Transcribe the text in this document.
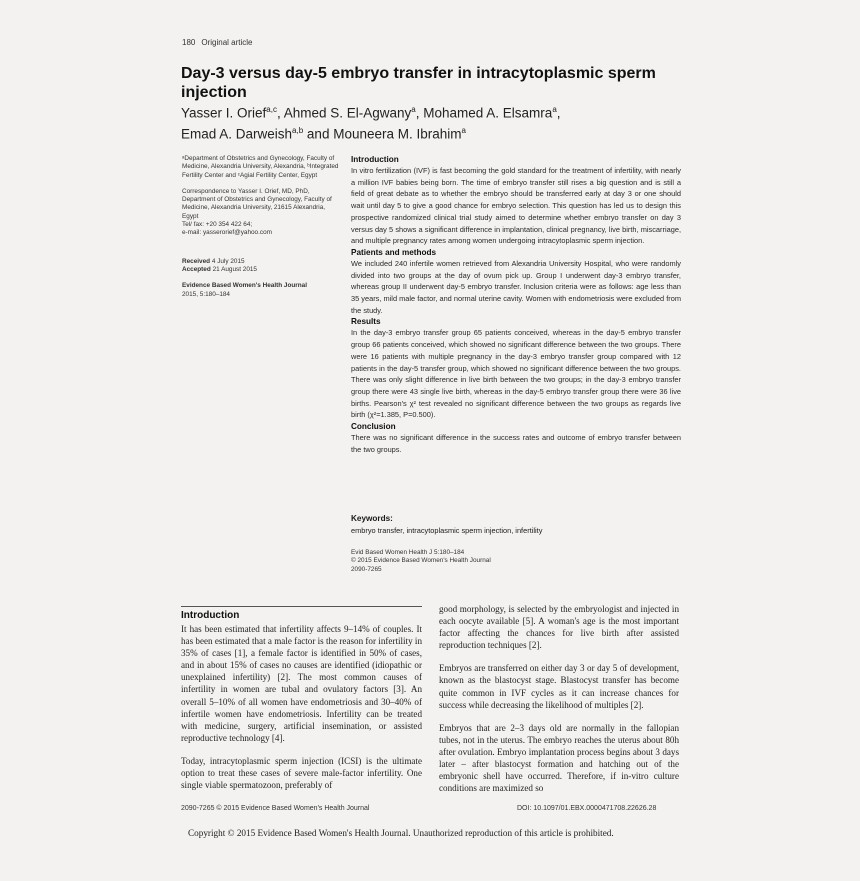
180 Original article
Day-3 versus day-5 embryo transfer in intracytoplasmic sperm injection
Yasser I. Orief$^{a,c}$, Ahmed S. El-Agwany$^a$, Mohamed A. Elsamra$^a$,
Emad A. Darweish$^{a,b}$ and Mouneera M. Ibrahim$^a$

ᵃDepartment of Obstetrics and Gynecology, Faculty of Medicine, Alexandria University, Alexandria, ᵇIntegrated Fertility Center and ᶜAgial Fertility Center, Egypt

Correspondence to Yasser I. Orief, MD, PhD, Department of Obstetrics and Gynecology, Faculty of Medicine, Alexandria University, 21615 Alexandria, Egypt
Tel/ fax: +20 354 422 64;
e-mail: yasserorief@yahoo.com

Received 4 July 2015
Accepted 21 August 2015

Evidence Based Women's Health Journal
2015, 5:180–184

Introduction

In vitro fertilization (IVF) is fast becoming the gold standard for the treatment of infertility, with nearly a million IVF babies being born. The time of embryo transfer still rises a big question and is still a field of great debate as to whether the embryo should be transferred early at day 3 or one should wait until day 5 to give a good chance for embryo selection. This question has led us to design this prospective randomized clinical trial study aimed to determine whether embryo transfer on day 3 versus day 5 shows a significant difference in implantation, clinical pregnancy, live birth, miscarriage, and multiple pregnancy rates among women undergoing intracytoplasmic sperm injection.

Patients and methods

We included 240 infertile women retrieved from Alexandria University Hospital, who were randomly divided into two groups at the day of ovum pick up. Group I underwent day-3 embryo transfer, whereas group II underwent day-5 embryo transfer. Inclusion criteria were as follows: age less than 35 years, mild male factor, and normal uterine cavity. Women with endometriosis were excluded from the study.

Results

In the day-3 embryo transfer group 65 patients conceived, whereas in the day-5 embryo transfer group 66 patients conceived, which showed no significant difference between the two groups. There were 16 patients with multiple pregnancy in the day-3 embryo transfer group compared with 12 patients in the day-5 transfer group, which showed no significant difference between the two groups. There was only slight difference in live birth between the two groups; in the day-3 embryo transfer group there were 43 single live birth, whereas in the day-5 embryo transfer group there were 36 live births. Pearson's χ² test revealed no significant difference between the two groups as regards live birth (χ²=1.385, P=0.500).

Conclusion

There was no significant difference in the success rates and outcome of embryo transfer between the two groups.

Keywords:
embryo transfer, intracytoplasmic sperm injection, infertility
Evid Based Women Health J 5:180–184
© 2015 Evidence Based Women's Health Journal
2090-7265
Introduction

It has been estimated that infertility affects 9–14% of couples. It has been estimated that a male factor is the reason for infertility in 35% of cases [1], a female factor is identified in 50% of cases, and in about 15% of cases no causes are identified (idiopathic or unexplained infertility) [2]. The most common causes of infertility in women are tubal and ovulatory factors [3]. An overall 5–10% of all women have endometriosis and 30–40% of infertile women have endometriosis. Infertility can be treated with medicine, surgery, artificial insemination, or assisted reproductive technology [4].

Today, intracytoplasmic sperm injection (ICSI) is the ultimate option to treat these cases of severe male-factor infertility. One single viable spermatozoon, preferably of

good morphology, is selected by the embryologist and injected in each oocyte available [5]. A woman's age is the most important factor affecting the chances for live birth after assisted reproduction techniques [2].

Embryos are transferred on either day 3 or day 5 of development, known as the blastocyst stage. Blastocyst transfer has become quite common in IVF cycles as it can increase chances for success while decreasing the likelihood of multiples [2].

Embryos that are 2–3 days old are normally in the fallopian tubes, not in the uterus. The embryo reaches the uterus about 80h after ovulation. Embryo implantation process begins about 3 days later – after blastocyst formation and hatching out of the embryonic shell have occurred. Therefore, if in-vitro culture conditions are maximized so

2090-7265 © 2015 Evidence Based Women's Health Journal	DOI: 10.1097/01.EBX.0000471708.22626.28
Copyright © 2015 Evidence Based Women's Health Journal. Unauthorized reproduction of this article is prohibited.
